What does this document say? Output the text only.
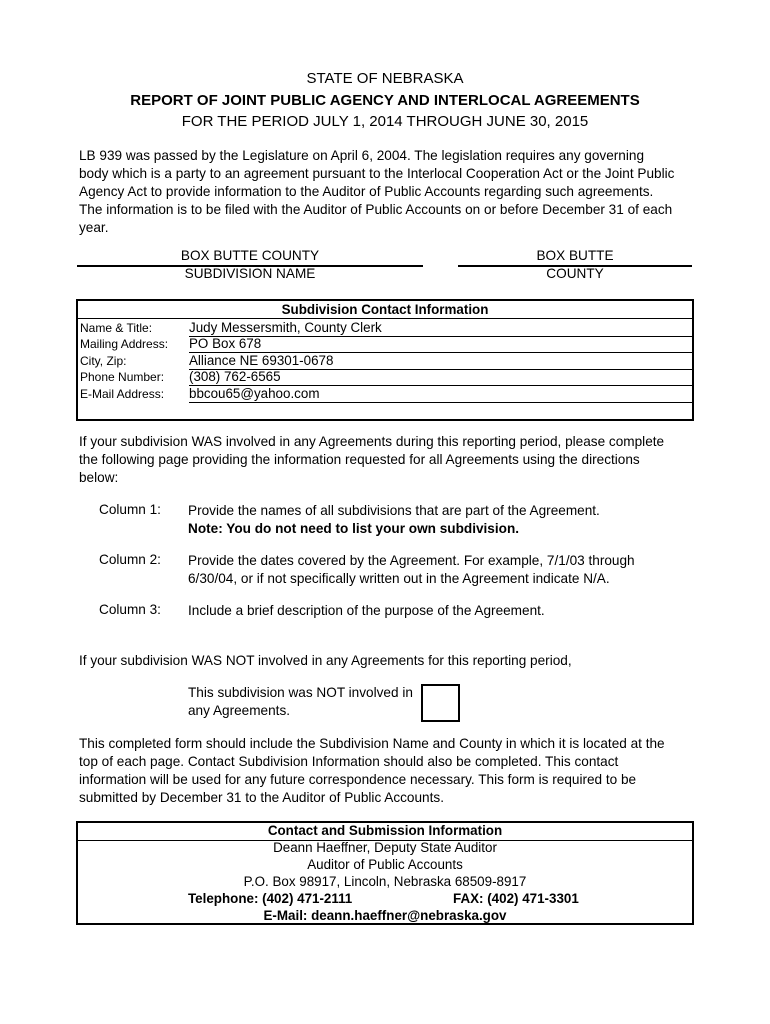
STATE OF NEBRASKA
REPORT OF JOINT PUBLIC AGENCY AND INTERLOCAL AGREEMENTS
FOR THE PERIOD JULY 1, 2014 THROUGH JUNE 30, 2015
LB 939 was passed by the Legislature on April 6, 2004. The legislation requires any governing
body which is a party to an agreement pursuant to the Interlocal Cooperation Act or the Joint Public
Agency Act to provide information to the Auditor of Public Accounts regarding such agreements.
The information is to be filed with the Auditor of Public Accounts on or before December 31 of each
year.
BOX BUTTE COUNTY
SUBDIVISION NAME
BOX BUTTE
COUNTY
Subdivision Contact Information
Name & Title:	Judy Messersmith, County Clerk
Mailing Address: PO Box 678
City, Zip:	Alliance NE 69301-0678
Phone Number: (308) 762-6565
E-Mail Address: bbcou65@yahoo.com
If your subdivision WAS involved in any Agreements during this reporting period, please complete
the following page providing the information requested for all Agreements using the directions
below:
Column 1: Provide the names of all subdivisions that are part of the Agreement.
Note: You do not need to list your own subdivision.
Column 2: Provide the dates covered by the Agreement. For example, 7/1/03 through
6/30/04, or if not specifically written out in the Agreement indicate N/A.
Column 3: Include a brief description of the purpose of the Agreement.
If your subdivision WAS NOT involved in any Agreements for this reporting period,
This subdivision was NOT involved in
any Agreements.
This completed form should include the Subdivision Name and County in which it is located at the
top of each page. Contact Subdivision Information should also be completed. This contact
information will be used for any future correspondence necessary. This form is required to be
submitted by December 31 to the Auditor of Public Accounts.
Contact and Submission Information
Deann Haeffner, Deputy State Auditor
Auditor of Public Accounts
P.O. Box 98917, Lincoln, Nebraska 68509-8917
Telephone: (402) 471-2111	FAX: (402) 471-3301
E-Mail: deann.haeffner@nebraska.gov
